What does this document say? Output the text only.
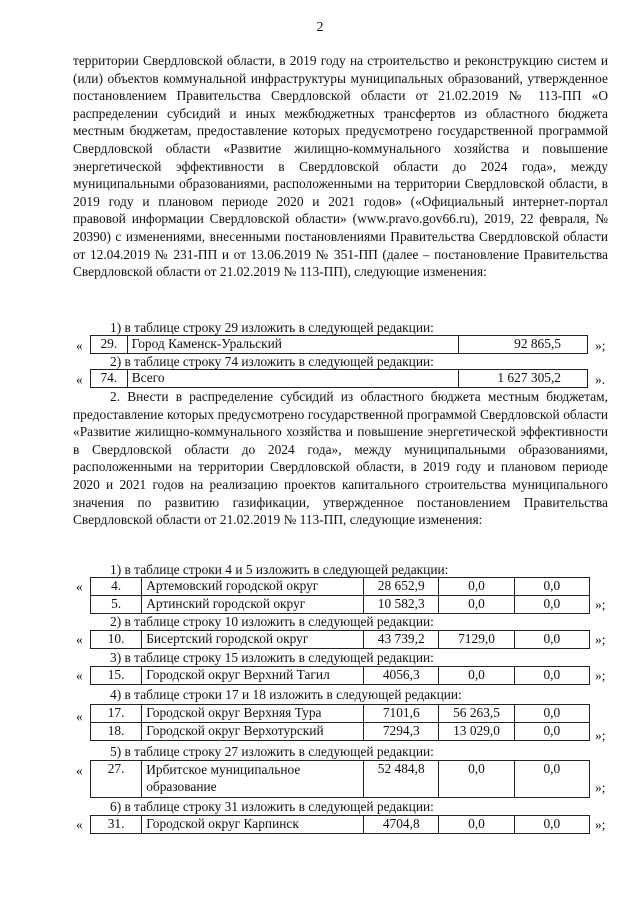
2

территории Свердловской области, в 2019 году на строительство и реконструкцию систем и (или) объектов коммунальной инфраструктуры муниципальных образований, утвержденное постановлением Правительства Свердловской области от 21.02.2019 № 113-ПП «О распределении субсидий и иных межбюджетных трансфертов из областного бюджета местным бюджетам, предоставление которых предусмотрено государственной программой Свердловской области «Развитие жилищно-коммунального хозяйства и повышение энергетической эффективности в Свердловской области до 2024 года», между муниципальными образованиями, расположенными на территории Свердловской области, в 2019 году и плановом периоде 2020 и 2021 годов» («Официальный интернет-портал правовой информации Свердловской области» (www.pravo.gov66.ru), 2019, 22 февраля, № 20390) с изменениями, внесенными постановлениями Правительства Свердловской области от 12.04.2019 № 231-ПП и от 13.06.2019 № 351-ПП (далее – постановление Правительства Свердловской области от 21.02.2019 № 113-ПП), следующие изменения:

1) в таблице строку 29 изложить в следующей редакции:
« 29.	Город Каменск-Уральский	92 865,5	»;
2) в таблице строку 74 изложить в следующей редакции:
« 74.	Всего	1 627 305,2	».

2. Внести в распределение субсидий из областного бюджета местным бюджетам, предоставление которых предусмотрено государственной программой Свердловской области «Развитие жилищно-коммунального хозяйства и повышение энергетической эффективности в Свердловской области до 2024 года», между муниципальными образованиями, расположенными на территории Свердловской области, в 2019 году и плановом периоде 2020 и 2021 годов на реализацию проектов капитального строительства муниципального значения по развитию газификации, утвержденное постановлением Правительства Свердловской области от 21.02.2019 № 113-ПП, следующие изменения:

1) в таблице строки 4 и 5 изложить в следующей редакции:
« 4.	Артемовский городской округ	28 652,9	0,0	0,0
5.	Артинский городской округ	10 582,3	0,0	0,0	»;
2) в таблице строку 10 изложить в следующей редакции:
« 10.	Бисертский городской округ	43 739,2	7129,0	0,0	»;
3) в таблице строку 15 изложить в следующей редакции:
« 15.	Городской округ Верхний Тагил	4056,3	0,0	0,0	»;
4) в таблице строки 17 и 18 изложить в следующей редакции:
« 17.	Городской округ Верхняя Тура	7101,6	56 263,5	0,0
18.	Городской округ Верхотурский	7294,3	13 029,0	0,0	»;
5) в таблице строку 27 изложить в следующей редакции:
« 27.	Ирбитское муниципальное
образование	52 484,8	0,0	0,0
»;
6) в таблице строку 31 изложить в следующей редакции:
« 31.	Городской округ Карпинск	4704,8	0,0	0,0	»;
